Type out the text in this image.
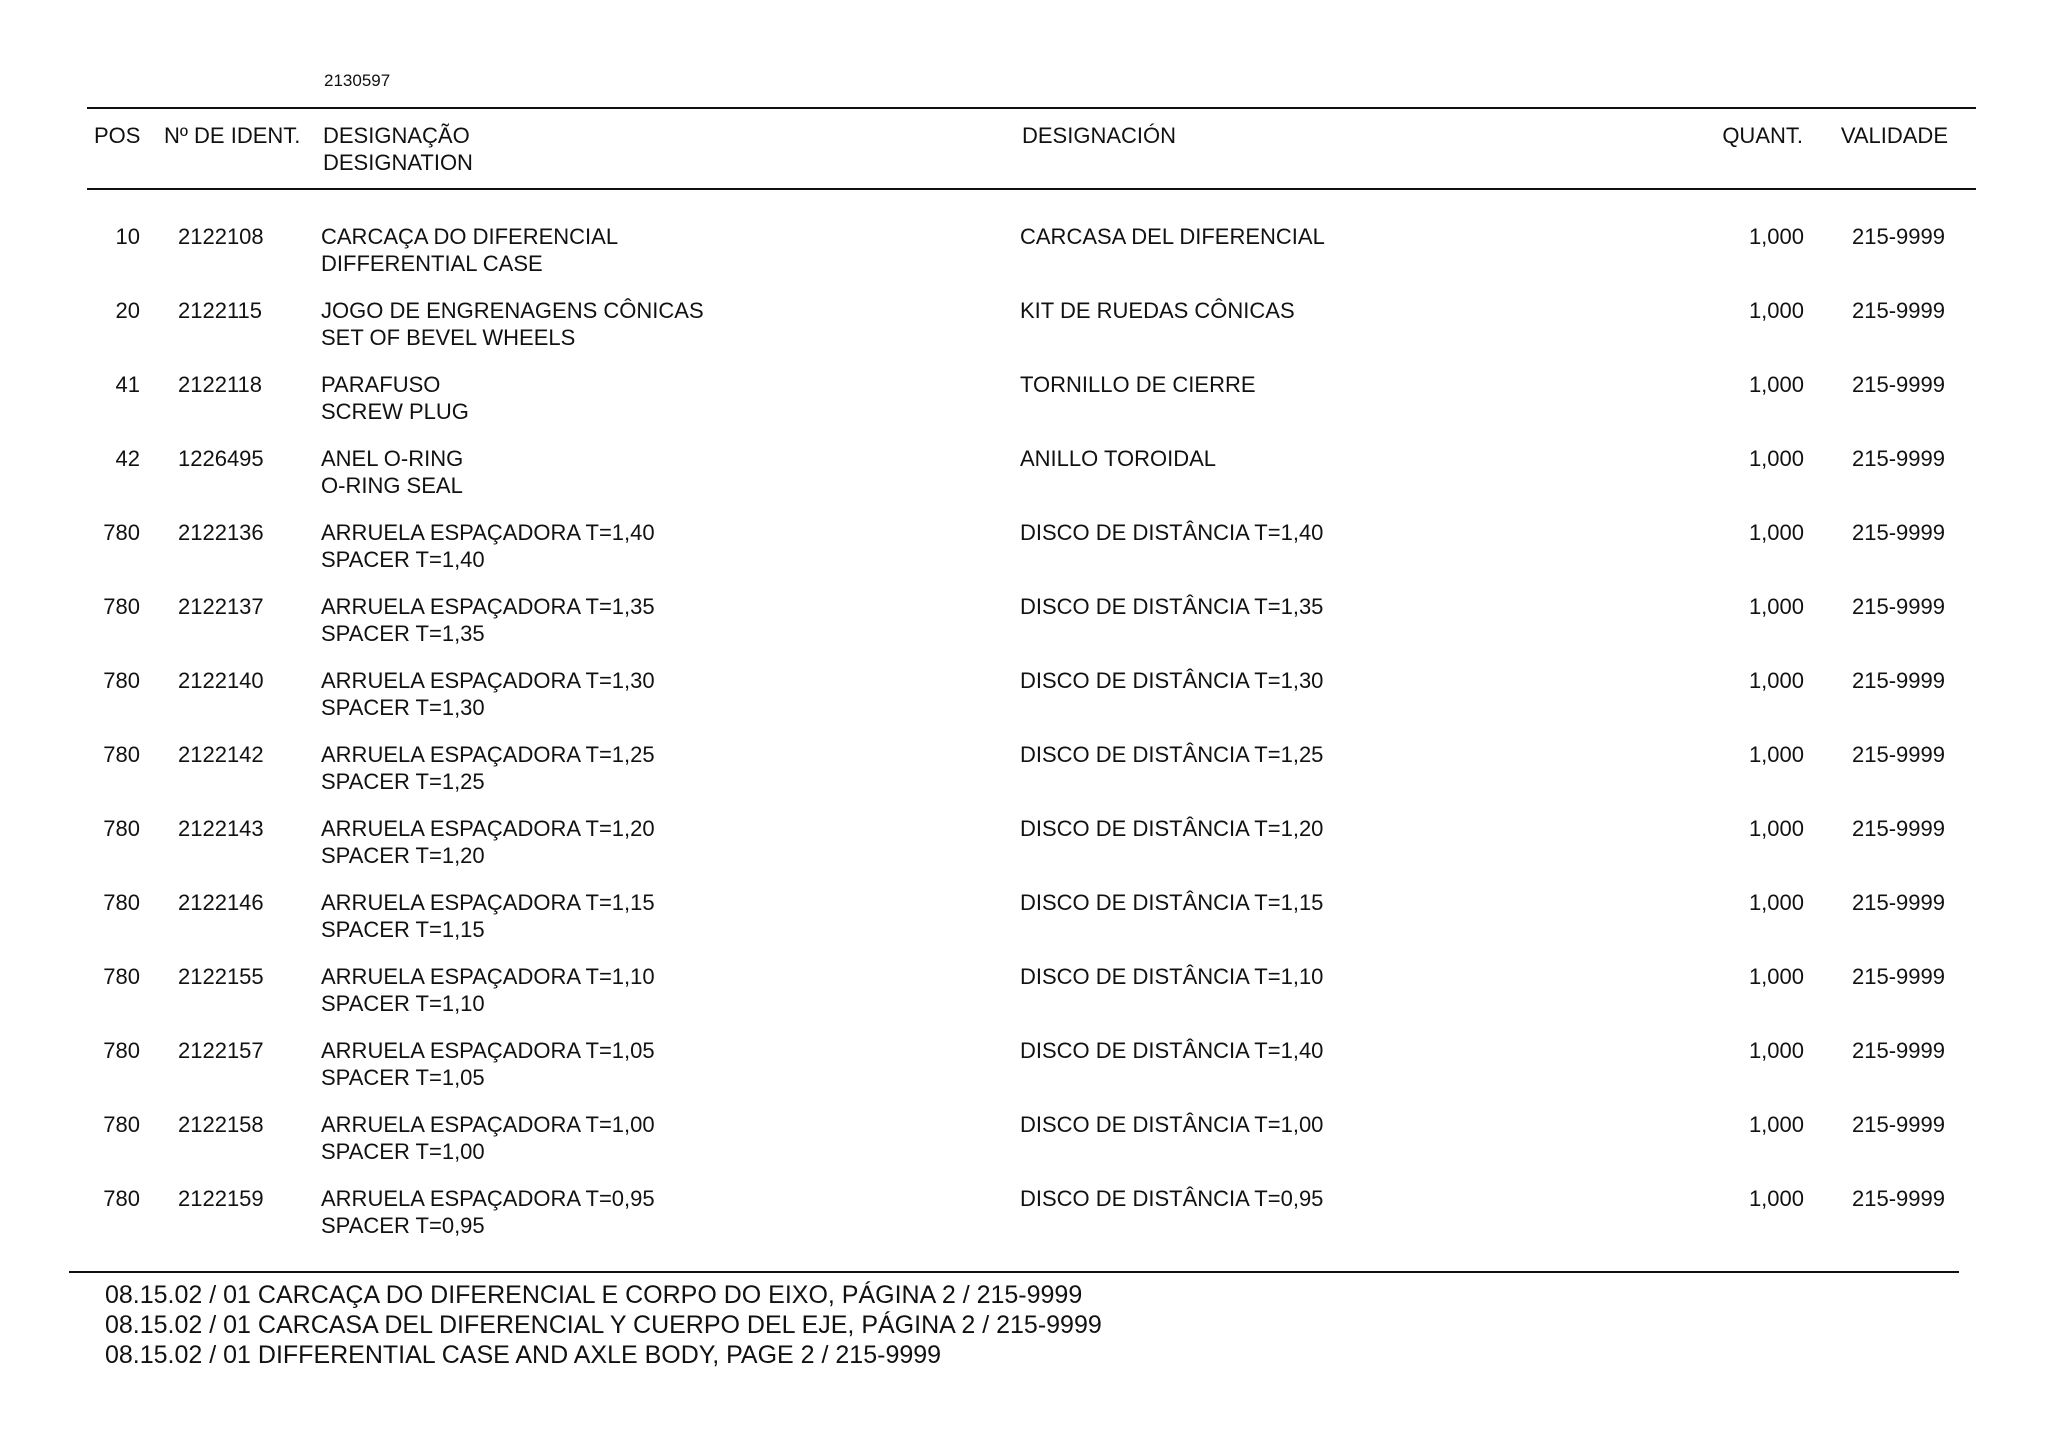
2130597
POS Nº DE IDENT. DESIGNAÇÃO
DESIGNATION
DESIGNACIÓN	QUANT. VALIDADE
10 2122108	CARCAÇA DO DIFERENCIAL
DIFFERENTIAL CASE
CARCASA DEL DIFERENCIAL	1,000 215-9999
20 2122115	JOGO DE ENGRENAGENS CÔNICAS
SET OF BEVEL WHEELS
KIT DE RUEDAS CÔNICAS	1,000 215-9999
41 2122118	PARAFUSO
SCREW PLUG
TORNILLO DE CIERRE	1,000 215-9999
42 1226495	ANEL O-RING
O-RING SEAL
ANILLO TOROIDAL	1,000 215-9999
780 2122136	ARRUELA ESPAÇADORA T=1,40
SPACER T=1,40
DISCO DE DISTÂNCIA T=1,40	1,000 215-9999
780 2122137	ARRUELA ESPAÇADORA T=1,35
SPACER T=1,35
DISCO DE DISTÂNCIA T=1,35	1,000 215-9999
780 2122140	ARRUELA ESPAÇADORA T=1,30
SPACER T=1,30
DISCO DE DISTÂNCIA T=1,30	1,000 215-9999
780 2122142	ARRUELA ESPAÇADORA T=1,25
SPACER T=1,25
DISCO DE DISTÂNCIA T=1,25	1,000 215-9999
780 2122143	ARRUELA ESPAÇADORA T=1,20
SPACER T=1,20
DISCO DE DISTÂNCIA T=1,20	1,000 215-9999
780 2122146	ARRUELA ESPAÇADORA T=1,15
SPACER T=1,15
DISCO DE DISTÂNCIA T=1,15	1,000 215-9999
780 2122155	ARRUELA ESPAÇADORA T=1,10
SPACER T=1,10
DISCO DE DISTÂNCIA T=1,10	1,000 215-9999
780 2122157	ARRUELA ESPAÇADORA T=1,05
SPACER T=1,05
DISCO DE DISTÂNCIA T=1,40	1,000 215-9999
780 2122158	ARRUELA ESPAÇADORA T=1,00
SPACER T=1,00
DISCO DE DISTÂNCIA T=1,00	1,000 215-9999
780 2122159	ARRUELA ESPAÇADORA T=0,95
SPACER T=0,95
DISCO DE DISTÂNCIA T=0,95	1,000 215-9999
08.15.02 / 01 CARCAÇA DO DIFERENCIAL E CORPO DO EIXO, PÁGINA 2 / 215-9999
08.15.02 / 01 CARCASA DEL DIFERENCIAL Y CUERPO DEL EJE, PÁGINA 2 / 215-9999
08.15.02 / 01 DIFFERENTIAL CASE AND AXLE BODY, PAGE 2 / 215-9999
